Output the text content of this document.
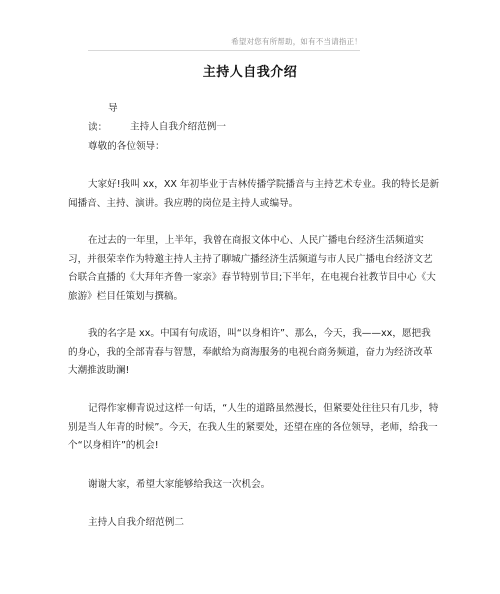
希望对您有所帮助，如有不当请指正！
主持人自我介绍

导读： 主持人自我介绍范例一

尊敬的各位领导：

大家好!我叫 xx，XX 年初毕业于吉林传播学院播音与主持艺术专业。我的特长是新闻播音、主持、演讲。我应聘的岗位是主持人或编导。

在过去的一年里，上半年，我曾在商报文体中心、人民广播电台经济生活频道实习，并很荣幸作为特邀主持人主持了聊城广播经济生活频道与市人民广播电台经济文艺台联合直播的《大拜年齐鲁一家亲》春节特别节目;下半年，在电视台社教节目中心《大旅游》栏目任策划与撰稿。

我的名字是 xx。中国有句成语，叫“以身相许”、那么，今天，我——xx，愿把我的身心，我的全部青春与智慧，奉献给为商海服务的电视台商务频道，奋力为经济改革大潮推波助澜!

记得作家柳青说过这样一句话，“人生的道路虽然漫长，但紧要处往往只有几步，特别是当人年青的时候”。今天，在我人生的紧要处，还望在座的各位领导，老师，给我一个“以身相许”的机会!

谢谢大家，希望大家能够给我这一次机会。

主持人自我介绍范例二
